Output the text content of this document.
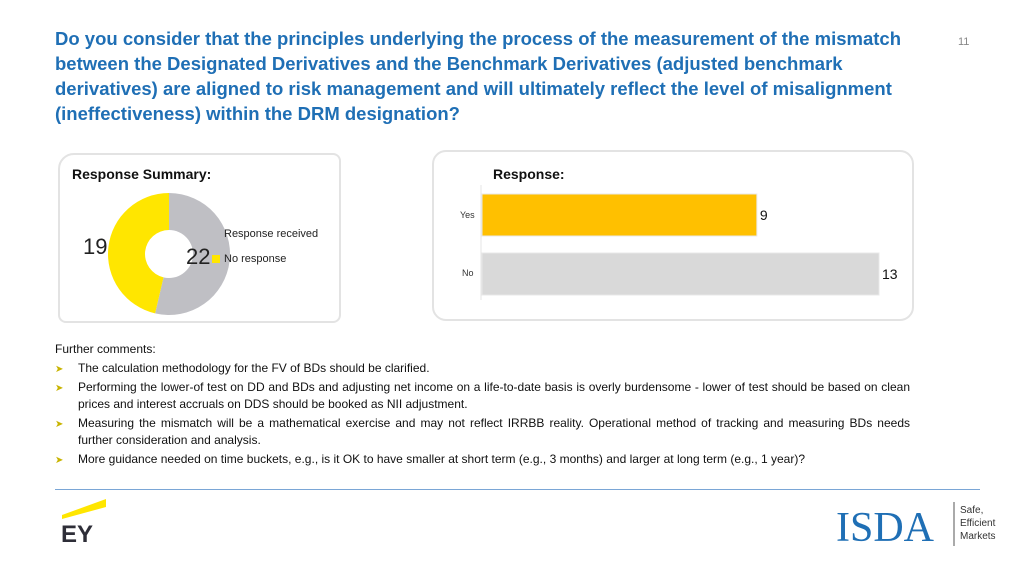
Do you consider that the principles underlying the process of the measurement of the mismatch between the Designated Derivatives and the Benchmark Derivatives (adjusted benchmark derivatives) are aligned to risk management and will ultimately reflect the level of misalignment (ineffectiveness) within the DRM designation?
11
Response Summary:
22
19	Response received
No response
Response:
Yes
No
9
13
Further comments:
➤ The calculation methodology for the FV of BDs should be clarified.
➤ Performing the lower-of test on DD and BDs and adjusting net income on a life-to-date basis is overly burdensome - lower of test should be based on clean prices and interest accruals on DDS should be booked as NII adjustment.
➤ Measuring the mismatch will be a mathematical exercise and may not reflect IRRBB reality. Operational method of tracking and measuring BDs needs further consideration and analysis.
➤ More guidance needed on time buckets, e.g., is it OK to have smaller at short term (e.g., 3 months) and larger at long term (e.g., 1 year)?
EY	ISDA	Safe,
Efficient
Markets
